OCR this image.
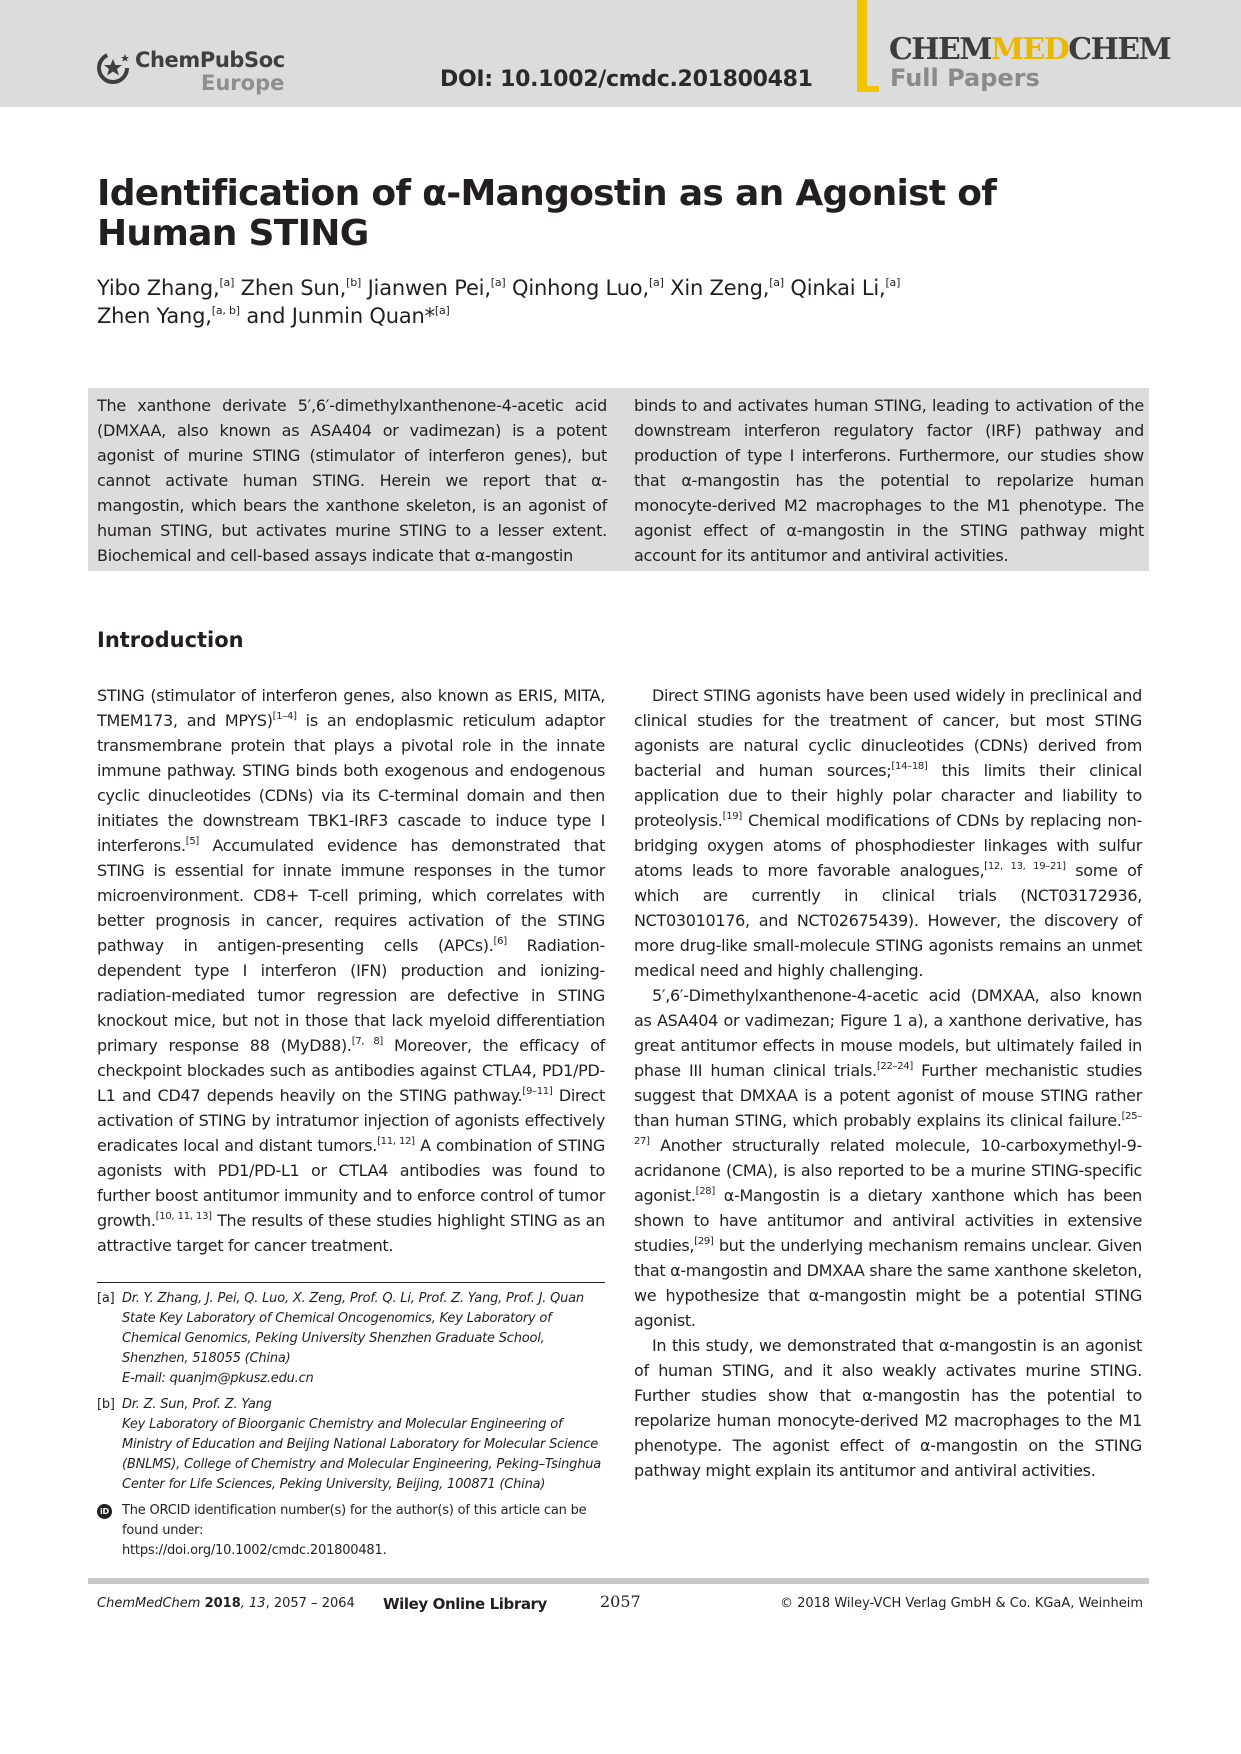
ChemPubSoc
Europe	DOI: 10.1002/cmdc.201800481
CHEMMEDCHEM
Full Papers
Identification of α-Mangostin as an Agonist of Human STING
Yibo Zhang,[a] Zhen Sun,[b] Jianwen Pei,[a] Qinhong Luo,[a] Xin Zeng,[a] Qinkai Li,[a]
Zhen Yang,[a, b] and Junmin Quan*[a]

The xanthone derivate 5′,6′-dimethylxanthenone-4-acetic acid (DMXAA, also known as ASA404 or vadimezan) is a potent agonist of murine STING (stimulator of interferon genes), but cannot activate human STING. Herein we report that α-mangostin, which bears the xanthone skeleton, is an agonist of human STING, but activates murine STING to a lesser extent. Biochemical and cell-based assays indicate that α-mangostin

binds to and activates human STING, leading to activation of the downstream interferon regulatory factor (IRF) pathway and production of type I interferons. Furthermore, our studies show that α-mangostin has the potential to repolarize human monocyte-derived M2 macrophages to the M1 phenotype. The agonist effect of α-mangostin in the STING pathway might account for its antitumor and antiviral activities.

Introduction

STING (stimulator of interferon genes, also known as ERIS, MITA, TMEM173, and MPYS)[1–4] is an endoplasmic reticulum adaptor transmembrane protein that plays a pivotal role in the innate immune pathway. STING binds both exogenous and endogenous cyclic dinucleotides (CDNs) via its C-terminal domain and then initiates the downstream TBK1-IRF3 cascade to induce type I interferons.[5] Accumulated evidence has demonstrated that STING is essential for innate immune responses in the tumor microenvironment. CD8+ T-cell priming, which correlates with better prognosis in cancer, requires activation of the STING pathway in antigen-presenting cells (APCs).[6] Radiation-dependent type I interferon (IFN) production and ionizing-radiation-mediated tumor regression are defective in STING knockout mice, but not in those that lack myeloid differentiation primary response 88 (MyD88).[7, 8] Moreover, the efficacy of checkpoint blockades such as antibodies against CTLA4, PD1/PD-L1 and CD47 depends heavily on the STING pathway.[9–11] Direct activation of STING by intratumor injection of agonists effectively eradicates local and distant tumors.[11, 12] A combination of STING agonists with PD1/PD-L1 or CTLA4 antibodies was found to further boost antitumor immunity and to enforce control of tumor growth.[10, 11, 13] The results of these studies highlight STING as an attractive target for cancer treatment.

Direct STING agonists have been used widely in preclinical and clinical studies for the treatment of cancer, but most STING agonists are natural cyclic dinucleotides (CDNs) derived from bacterial and human sources;[14–18] this limits their clinical application due to their highly polar character and liability to proteolysis.[19] Chemical modifications of CDNs by replacing non-bridging oxygen atoms of phosphodiester linkages with sulfur atoms leads to more favorable analogues,[12, 13, 19–21] some of which are currently in clinical trials (NCT03172936, NCT03010176, and NCT02675439). However, the discovery of more drug-like small-molecule STING agonists remains an unmet medical need and highly challenging.

5′,6′-Dimethylxanthenone-4-acetic acid (DMXAA, also known as ASA404 or vadimezan; Figure 1 a), a xanthone derivative, has great antitumor effects in mouse models, but ultimately failed in phase III human clinical trials.[22–24] Further mechanistic studies suggest that DMXAA is a potent agonist of mouse STING rather than human STING, which probably explains its clinical failure.[25–27] Another structurally related molecule, 10-carboxymethyl-9-acridanone (CMA), is also reported to be a murine STING-specific agonist.[28] α-Mangostin is a dietary xanthone which has been shown to have antitumor and antiviral activities in extensive studies,[29] but the underlying mechanism remains unclear. Given that α-mangostin and DMXAA share the same xanthone skeleton, we hypothesize that α-mangostin might be a potential STING agonist.

In this study, we demonstrated that α-mangostin is an agonist of human STING, and it also weakly activates murine STING. Further studies show that α-mangostin has the potential to repolarize human monocyte-derived M2 macrophages to the M1 phenotype. The agonist effect of α-mangostin on the STING pathway might explain its antitumor and antiviral activities.

[a] Dr. Y. Zhang, J. Pei, Q. Luo, X. Zeng, Prof. Q. Li, Prof. Z. Yang, Prof. J. Quan
State Key Laboratory of Chemical Oncogenomics, Key Laboratory of Chemical Genomics, Peking University Shenzhen Graduate School, Shenzhen, 518055 (China)
E-mail: quanjm@pkusz.edu.cn
[b] Dr. Z. Sun, Prof. Z. Yang
Key Laboratory of Bioorganic Chemistry and Molecular Engineering of Ministry of Education and Beijing National Laboratory for Molecular Science (BNLMS), College of Chemistry and Molecular Engineering, Peking–Tsinghua Center for Life Sciences, Peking University, Beijing, 100871 (China)
iD The ORCID identification number(s) for the author(s) of this article can be found under:
https://doi.org/10.1002/cmdc.201800481.
ChemMedChem 2018, 13, 2057 – 2064 Wiley Online Library	2057	© 2018 Wiley-VCH Verlag GmbH & Co. KGaA, Weinheim
